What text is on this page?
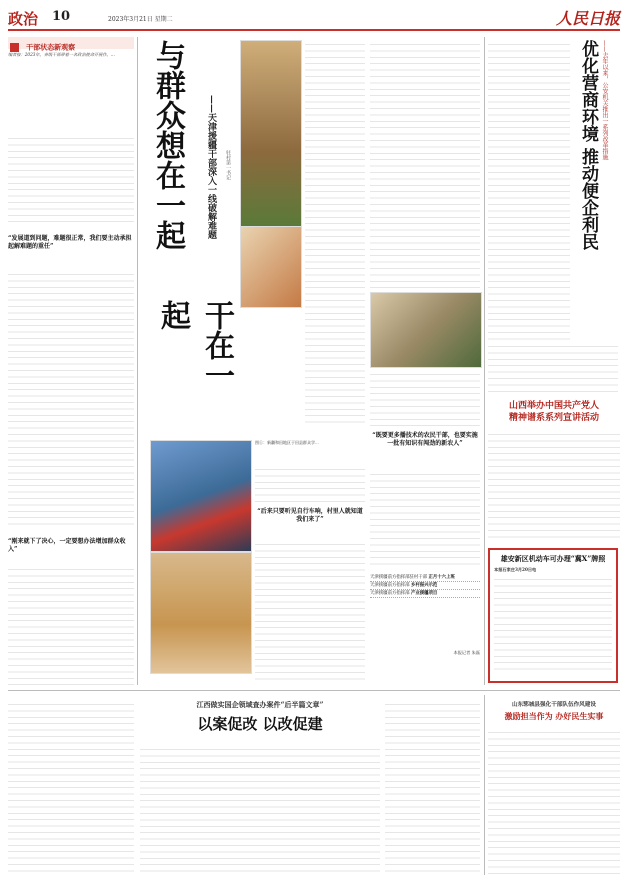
政治 10	2023年3月21日 星期二	人民日报
干部状态新观察
编者按：2023年，各级干部带着一名政治使命开展作，...
“发展道到问题，难题很正常，我们要主动承担起解难题的重任”
“刚来就下了决心，一定要想办法增加群众收入”
与群众想在一起
干在一起
——天津援疆干部深入一线破解难题	驻村第一书记
图①：新疆和田地区于田县群众学...
“后来只要听见自行车响，村里人就知道我们来了”
“既要更多播技术的农民干部，也要实施一批有知识有闯劲的新农人”
天津援疆前方指挥部驻村干部 正月十六上班
天津援疆前方指挥部 乡村振兴示范
天津援疆前方指挥部 产业援疆项目
本报记者 朱磊
优化营商环境 推动便企利民 ——去年以来，公安机关推出一系列改革措施
山西举办中国共产党人
精神谱系系列宣讲活动
雄安新区机动车可办理“冀X”牌照
本报石家庄3月20日电
江西做实国企领域查办案件“后半篇文章”
以案促改 以改促建
山东郓城县强化干部队伍作风建设
激励担当作为 办好民生实事
